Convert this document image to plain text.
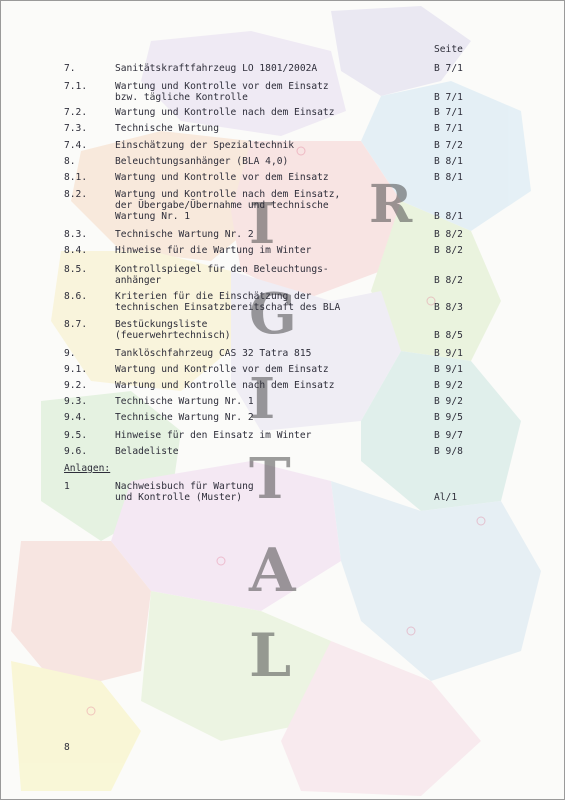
R
I
G
I
T
A
L
Seite
7.	Sanitätskraftfahrzeug LO 1801/2002A	B 7/1
7.1.	Wartung und Kontrolle vor dem Einsatz
bzw. tägliche Kontrolle	B 7/1
7.2.	Wartung und Kontrolle nach dem Einsatz	B 7/1
7.3.	Technische Wartung	B 7/1
7.4.	Einschätzung der Spezialtechnik	B 7/2
8.	Beleuchtungsanhänger (BLA 4,0)	B 8/1
8.1.	Wartung und Kontrolle vor dem Einsatz	B 8/1
8.2.	Wartung und Kontrolle nach dem Einsatz,
der Übergabe/Übernahme und technische
Wartung Nr. 1	B 8/1
8.3.	Technische Wartung Nr. 2	B 8/2
8.4.	Hinweise für die Wartung im Winter	B 8/2
8.5.	Kontrollspiegel für den Beleuchtungs-
anhänger	B 8/2
8.6.	Kriterien für die Einschätzung der
technischen Einsatzbereitschaft des BLA	B 8/3
8.7.	Bestückungsliste
(feuerwehrtechnisch)	B 8/5
9.	Tanklöschfahrzeug CAS 32 Tatra 815	B 9/1
9.1.	Wartung und Kontrolle vor dem Einsatz	B 9/1
9.2.	Wartung und Kontrolle nach dem Einsatz	B 9/2
9.3.	Technische Wartung Nr. 1	B 9/2
9.4.	Technische Wartung Nr. 2	B 9/5
9.5.	Hinweise für den Einsatz im Winter	B 9/7
9.6.	Beladeliste	B 9/8
Anlagen:
1	Nachweisbuch für Wartung
und Kontrolle (Muster)	Al/1
8
